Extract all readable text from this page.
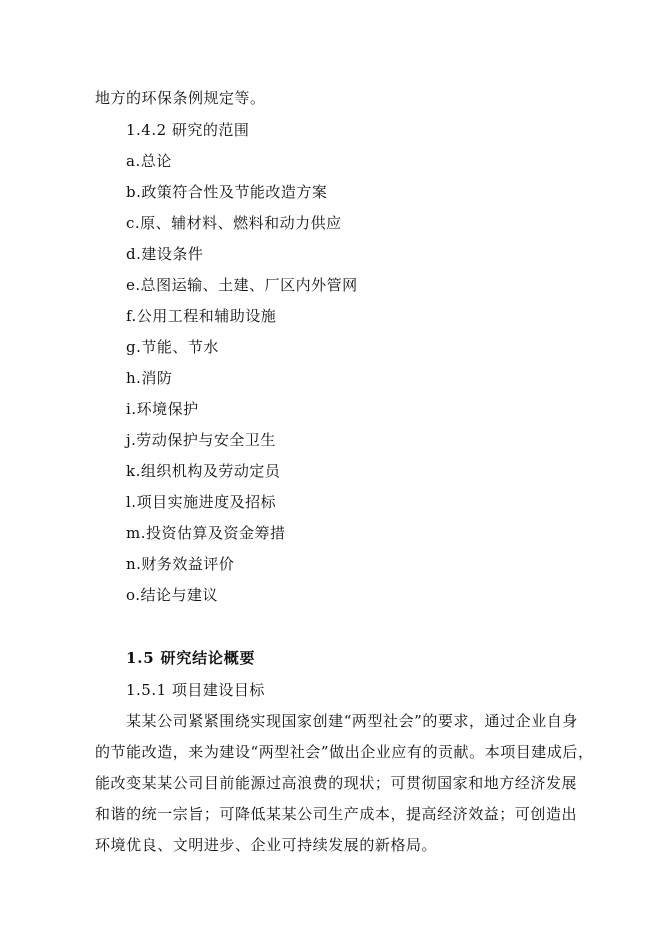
地方的环保条例规定等。
1.4.2 研究的范围
a.总论
b.政策符合性及节能改造方案
c.原、辅材料、燃料和动力供应
d.建设条件
e.总图运输、土建、厂区内外管网
f.公用工程和辅助设施
g.节能、节水
h.消防
i.环境保护
j.劳动保护与安全卫生
k.组织机构及劳动定员
l.项目实施进度及招标
m.投资估算及资金筹措
n.财务效益评价
o.结论与建议
1.5 研究结论概要
1.5.1 项目建设目标
某某公司紧紧围绕实现国家创建“两型社会”的要求，通过企业自身
的节能改造，来为建设“两型社会”做出企业应有的贡献。本项目建成后，
能改变某某公司目前能源过高浪费的现状；可贯彻国家和地方经济发展
和谐的统一宗旨；可降低某某公司生产成本，提高经济效益；可创造出
环境优良、文明进步、企业可持续发展的新格局。
